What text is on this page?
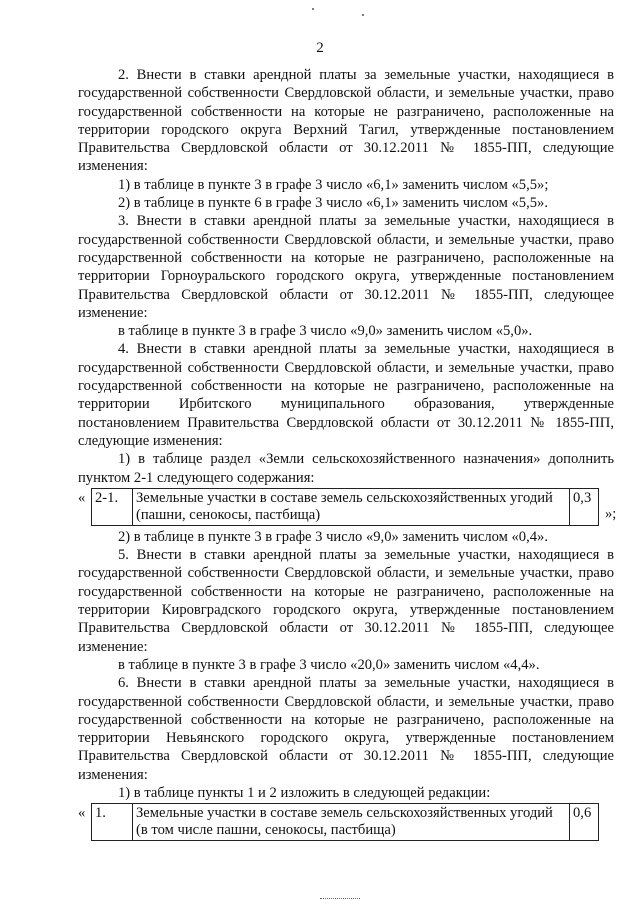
2

2. Внести в ставки арендной платы за земельные участки, находящиеся в государственной собственности Свердловской области, и земельные участки, право государственной собственности на которые не разграничено, расположенные на территории городского округа Верхний Тагил, утвержденные постановлением Правительства Свердловской области от 30.12.2011 № 1855-ПП, следующие изменения:

1) в таблице в пункте 3 в графе 3 число «6,1» заменить числом «5,5»;

2) в таблице в пункте 6 в графе 3 число «6,1» заменить числом «5,5».

3. Внести в ставки арендной платы за земельные участки, находящиеся в государственной собственности Свердловской области, и земельные участки, право государственной собственности на которые не разграничено, расположенные на территории Горноуральского городского округа, утвержденные постановлением Правительства Свердловской области от 30.12.2011 № 1855-ПП, следующее изменение:

в таблице в пункте 3 в графе 3 число «9,0» заменить числом «5,0».

4. Внести в ставки арендной платы за земельные участки, находящиеся в государственной собственности Свердловской области, и земельные участки, право государственной собственности на которые не разграничено, расположенные на территории Ирбитского муниципального образования, утвержденные постановлением Правительства Свердловской области от 30.12.2011 № 1855-ПП, следующие изменения:

1) в таблице раздел «Земли сельскохозяйственного назначения» дополнить пунктом 2-1 следующего содержания:

« 2-1.	Земельные участки в составе земель сельскохозяйственных угодий (пашни, сенокосы, пастбища)	0,3
»;

2) в таблице в пункте 3 в графе 3 число «9,0» заменить числом «0,4».

5. Внести в ставки арендной платы за земельные участки, находящиеся в государственной собственности Свердловской области, и земельные участки, право государственной собственности на которые не разграничено, расположенные на территории Кировградского городского округа, утвержденные постановлением Правительства Свердловской области от 30.12.2011 № 1855-ПП, следующее изменение:

в таблице в пункте 3 в графе 3 число «20,0» заменить числом «4,4».

6. Внести в ставки арендной платы за земельные участки, находящиеся в государственной собственности Свердловской области, и земельные участки, право государственной собственности на которые не разграничено, расположенные на территории Невьянского городского округа, утвержденные постановлением Правительства Свердловской области от 30.12.2011 № 1855-ПП, следующие изменения:

1) в таблице пункты 1 и 2 изложить в следующей редакции:

« 1.	Земельные участки в составе земель сельскохозяйственных угодий (в том числе пашни, сенокосы, пастбища)	0,6
